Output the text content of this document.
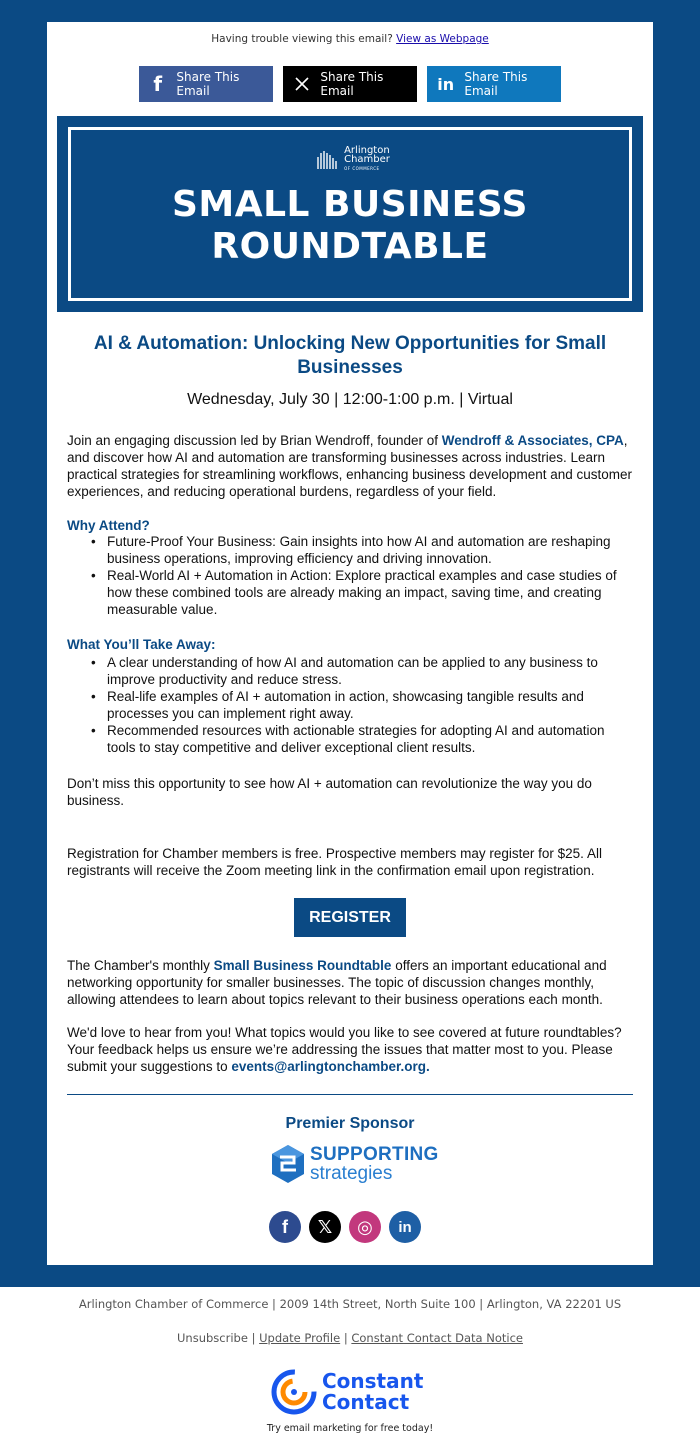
Having trouble viewing this email? View as Webpage
f	Share This Email
Share This Email	in Share This Email
Arlington
Chamber
OF COMMERCE
SMALL BUSINESS
ROUNDTABLE
AI & Automation: Unlocking New Opportunities for Small Businesses
Wednesday, July 30 | 12:00-1:00 p.m. | Virtual
Join an engaging discussion led by Brian Wendroff, founder of Wendroff & Associates, CPA, and discover how AI and automation are transforming businesses across industries. Learn practical strategies for streamlining workflows, enhancing business development and customer experiences, and reducing operational burdens, regardless of your field.
Why Attend?
• Future-Proof Your Business: Gain insights into how AI and automation are reshaping business operations, improving efficiency and driving innovation.
• Real-World AI + Automation in Action: Explore practical examples and case studies of how these combined tools are already making an impact, saving time, and creating measurable value.
What You’ll Take Away:
• A clear understanding of how AI and automation can be applied to any business to improve productivity and reduce stress.
• Real-life examples of AI + automation in action, showcasing tangible results and processes you can implement right away.
• Recommended resources with actionable strategies for adopting AI and automation tools to stay competitive and deliver exceptional client results.
Don’t miss this opportunity to see how AI + automation can revolutionize the way you do business.
Registration for Chamber members is free. Prospective members may register for $25. All registrants will receive the Zoom meeting link in the confirmation email upon registration.
REGISTER
The Chamber's monthly Small Business Roundtable offers an important educational and networking opportunity for smaller businesses. The topic of discussion changes monthly, allowing attendees to learn about topics relevant to their business operations each month.
We'd love to hear from you! What topics would you like to see covered at future roundtables? Your feedback helps us ensure we’re addressing the issues that matter most to you. Please submit your suggestions to events@arlingtonchamber.org.
Premier Sponsor
SUPPORTING
strategies
f	𝕏	◎	in
Arlington Chamber of Commerce | 2009 14th Street, North Suite 100 | Arlington, VA 22201 US
Unsubscribe | Update Profile | Constant Contact Data Notice
Constant
Contact
Try email marketing for free today!
